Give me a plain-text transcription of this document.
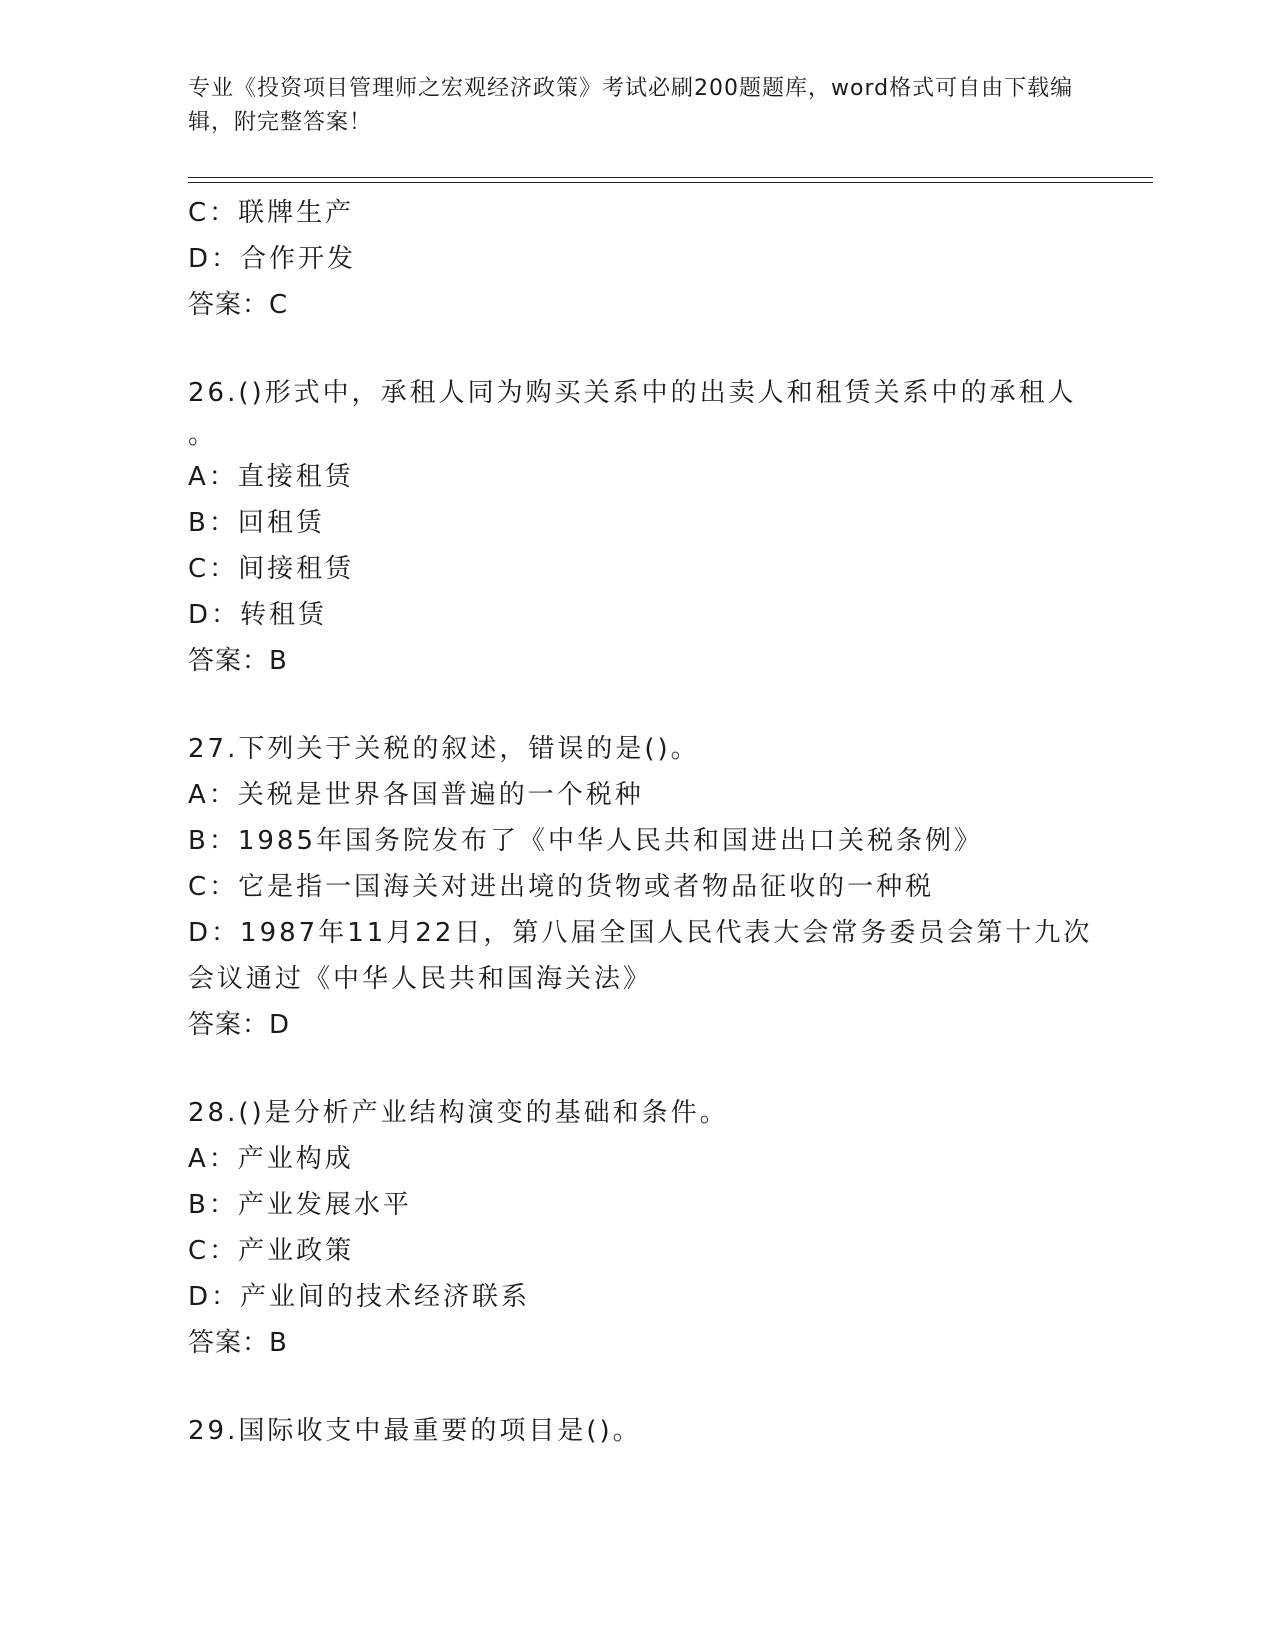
专业《投资项目管理师之宏观经济政策》考试必刷200题题库，word格式可自由下载编辑，附完整答案！
C：联牌生产
D：合作开发
答案：C
26.()形式中，承租人同为购买关系中的出卖人和租赁关系中的承租人
。
A：直接租赁
B：回租赁
C：间接租赁
D：转租赁
答案：B
27.下列关于关税的叙述，错误的是()。
A：关税是世界各国普遍的一个税种
B：1985年国务院发布了《中华人民共和国进出口关税条例》
C：它是指一国海关对进出境的货物或者物品征收的一种税
D：1987年11月22日，第八届全国人民代表大会常务委员会第十九次
会议通过《中华人民共和国海关法》
答案：D
28.()是分析产业结构演变的基础和条件。
A：产业构成
B：产业发展水平
C：产业政策
D：产业间的技术经济联系
答案：B
29.国际收支中最重要的项目是()。
